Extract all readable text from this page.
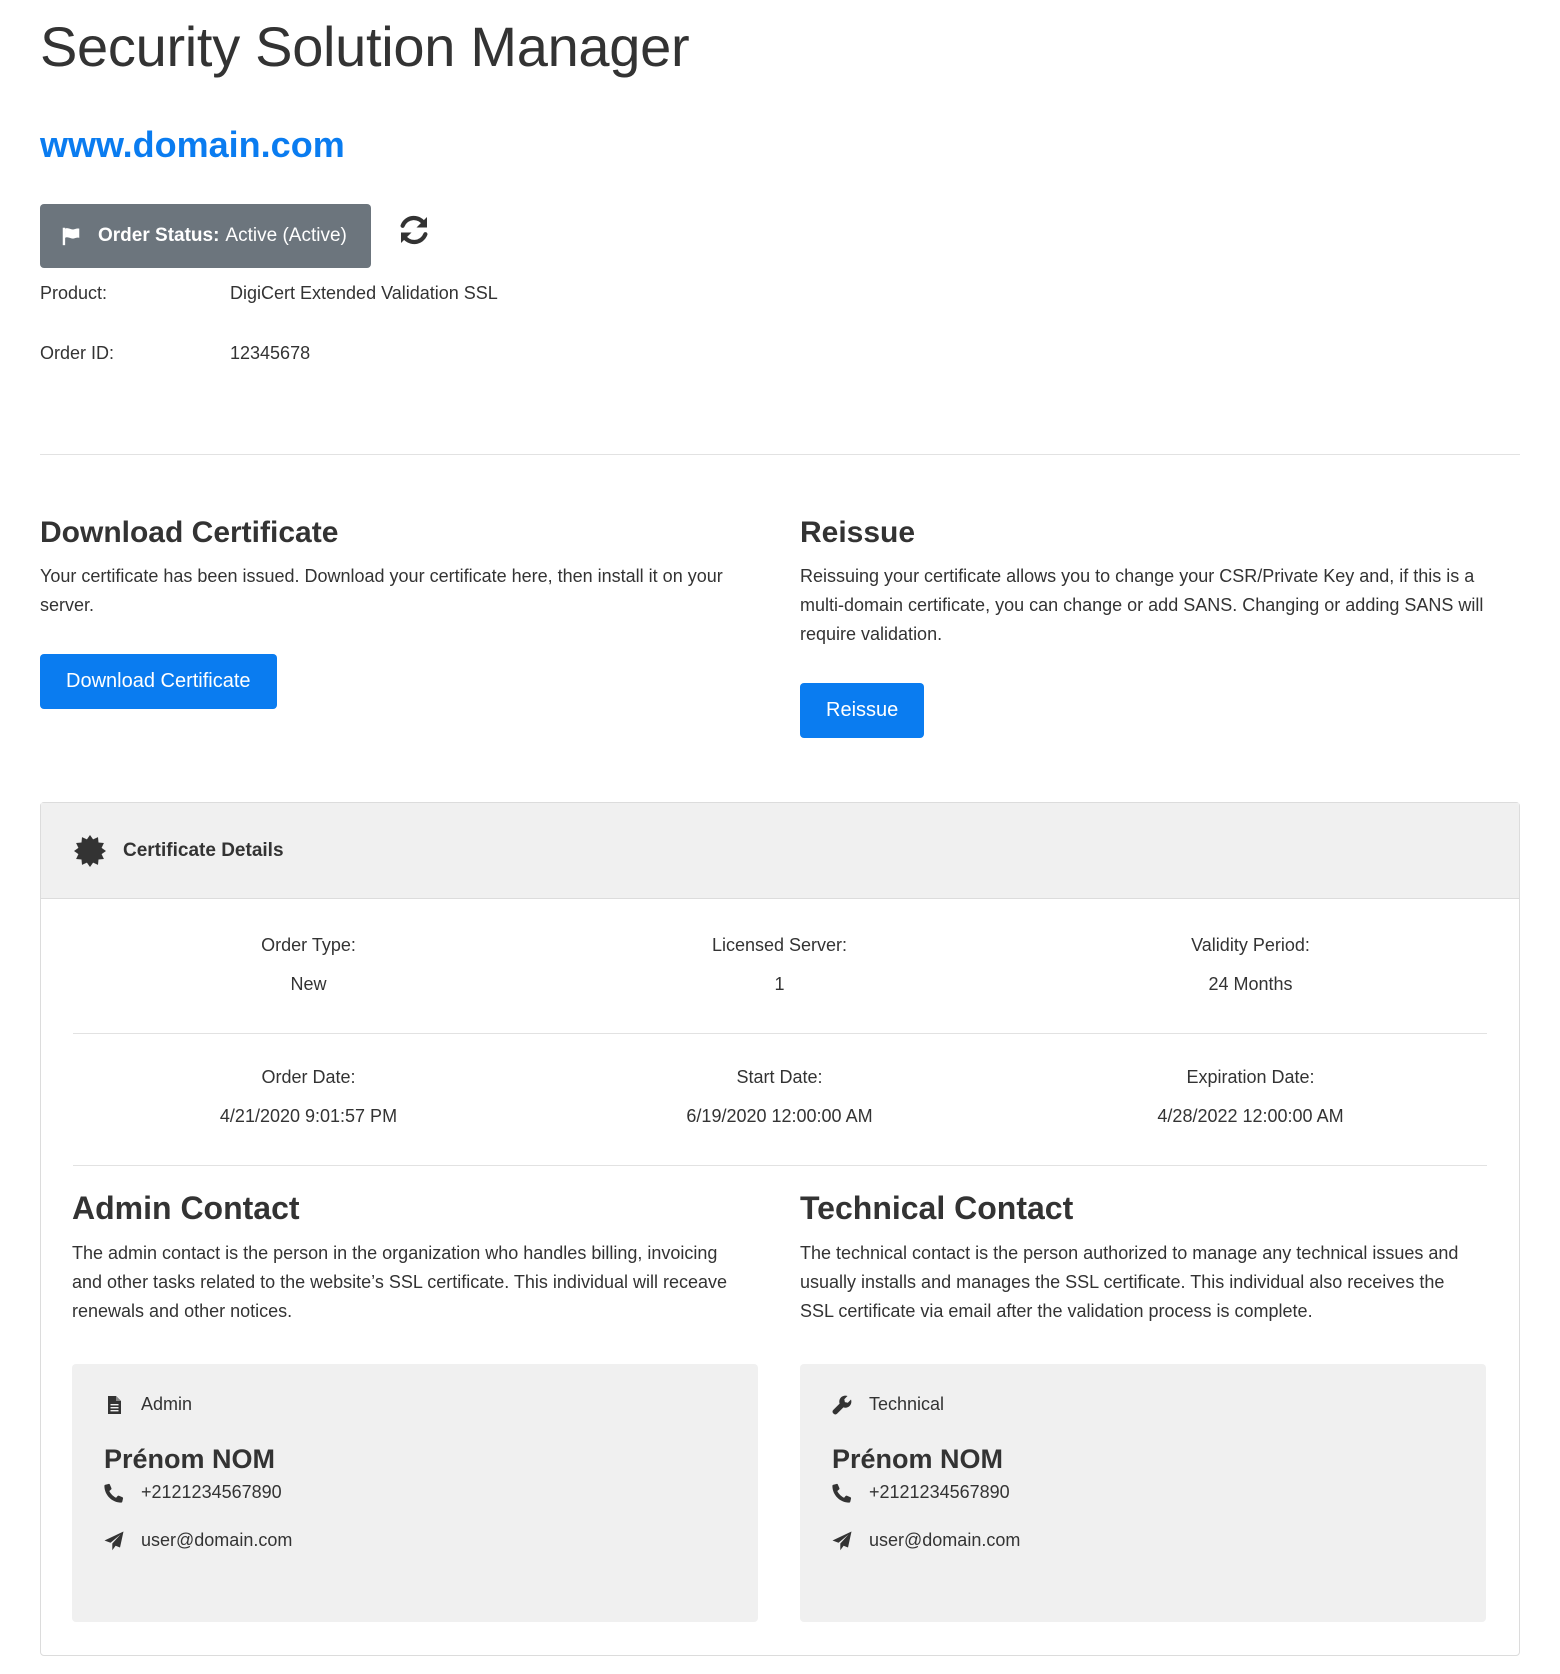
Security Solution Manager
www.domain.com
Order Status: Active (Active)
Product:	DigiCert Extended Validation SSL
Order ID:	12345678
Download Certificate

Your certificate has been issued. Download your certificate here, then install it on your server.

Download Certificate
Reissue

Reissuing your certificate allows you to change your CSR/Private Key and, if this is a multi-domain certificate, you can change or add SANS. Changing or adding SANS will require validation.

Reissue
Certificate Details
Order Type:
New
Licensed Server:
1
Validity Period:
24 Months
Order Date:
4/21/2020 9:01:57 PM
Start Date:
6/19/2020 12:00:00 AM
Expiration Date:
4/28/2022 12:00:00 AM
Admin Contact

The admin contact is the person in the organization who handles billing, invoicing and other tasks related to the website’s SSL certificate. This individual will receave renewals and other notices.

Admin
Prénom NOM
+2121234567890
user@domain.com
Technical Contact

The technical contact is the person authorized to manage any technical issues and usually installs and manages the SSL certificate. This individual also receives the SSL certificate via email after the validation process is complete.

Technical
Prénom NOM
+2121234567890
user@domain.com
